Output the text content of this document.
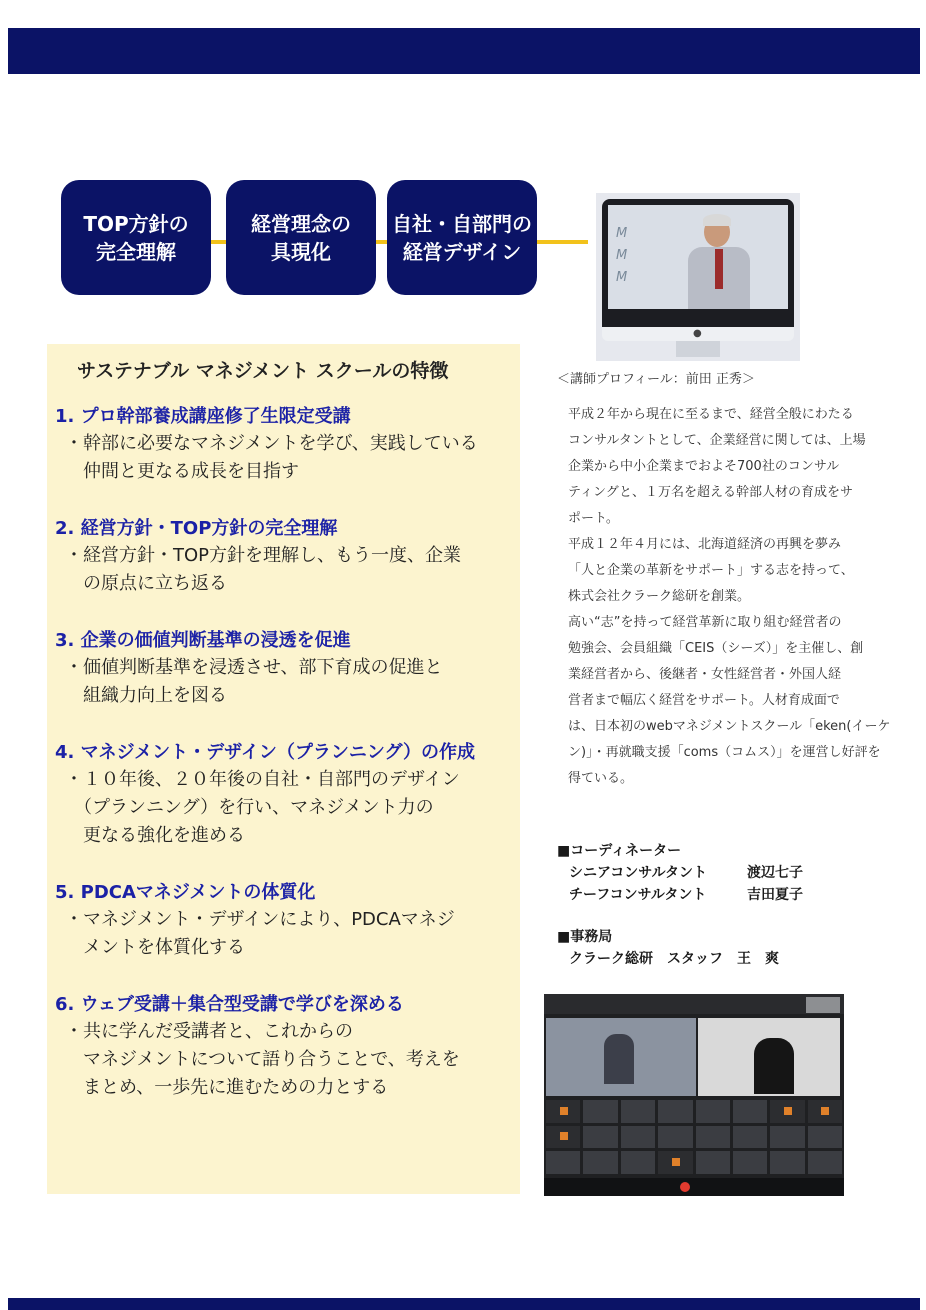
TOP方針の
完全理解
経営理念の
具現化
自社・自部門の
経営デザイン
M
M
M
●
サステナブル マネジメント スクールの特徴
1. プロ幹部養成講座修了生限定受講
・幹部に必要なマネジメントを学び、実践している
　仲間と更なる成長を目指す
2. 経営方針・TOP方針の完全理解
・経営方針・TOP方針を理解し、もう一度、企業
　の原点に立ち返る
3. 企業の価値判断基準の浸透を促進
・価値判断基準を浸透させ、部下育成の促進と
　組織力向上を図る
4. マネジメント・デザイン（プランニング）の作成
・１０年後、２０年後の自社・自部門のデザイン
　（プランニング）を行い、マネジメント力の
　更なる強化を進める
5. PDCAマネジメントの体質化
・マネジメント・デザインにより、PDCAマネジ
　メントを体質化する
6. ウェブ受講＋集合型受講で学びを深める
・共に学んだ受講者と、これからの
　マネジメントについて語り合うことで、考えを
　まとめ、一歩先に進むための力とする
＜講師プロフィール：前田 正秀＞
平成２年から現在に至るまで、経営全般にわたる
コンサルタントとして、企業経営に関しては、上場
企業から中小企業までおよそ700社のコンサル
ティングと、１万名を超える幹部人材の育成をサ
ポート。
平成１２年４月には、北海道経済の再興を夢み
「人と企業の革新をサポート」する志を持って、
株式会社クラーク総研を創業。
高い“志”を持って経営革新に取り組む経営者の
勉強会、会員組織「CEIS（シーズ）」を主催し、創
業経営者から、後継者・女性経営者・外国人経
営者まで幅広く経営をサポート。人材育成面で
は、日本初のwebマネジメントスクール「eken(イーケ
ン)」・再就職支援「coms（コムス）」を運営し好評を
得ている。
■コーディネーター
シニアコンサルタント	渡辺七子
チーフコンサルタント	吉田夏子
■事務局
クラーク総研　スタッフ　王　爽
